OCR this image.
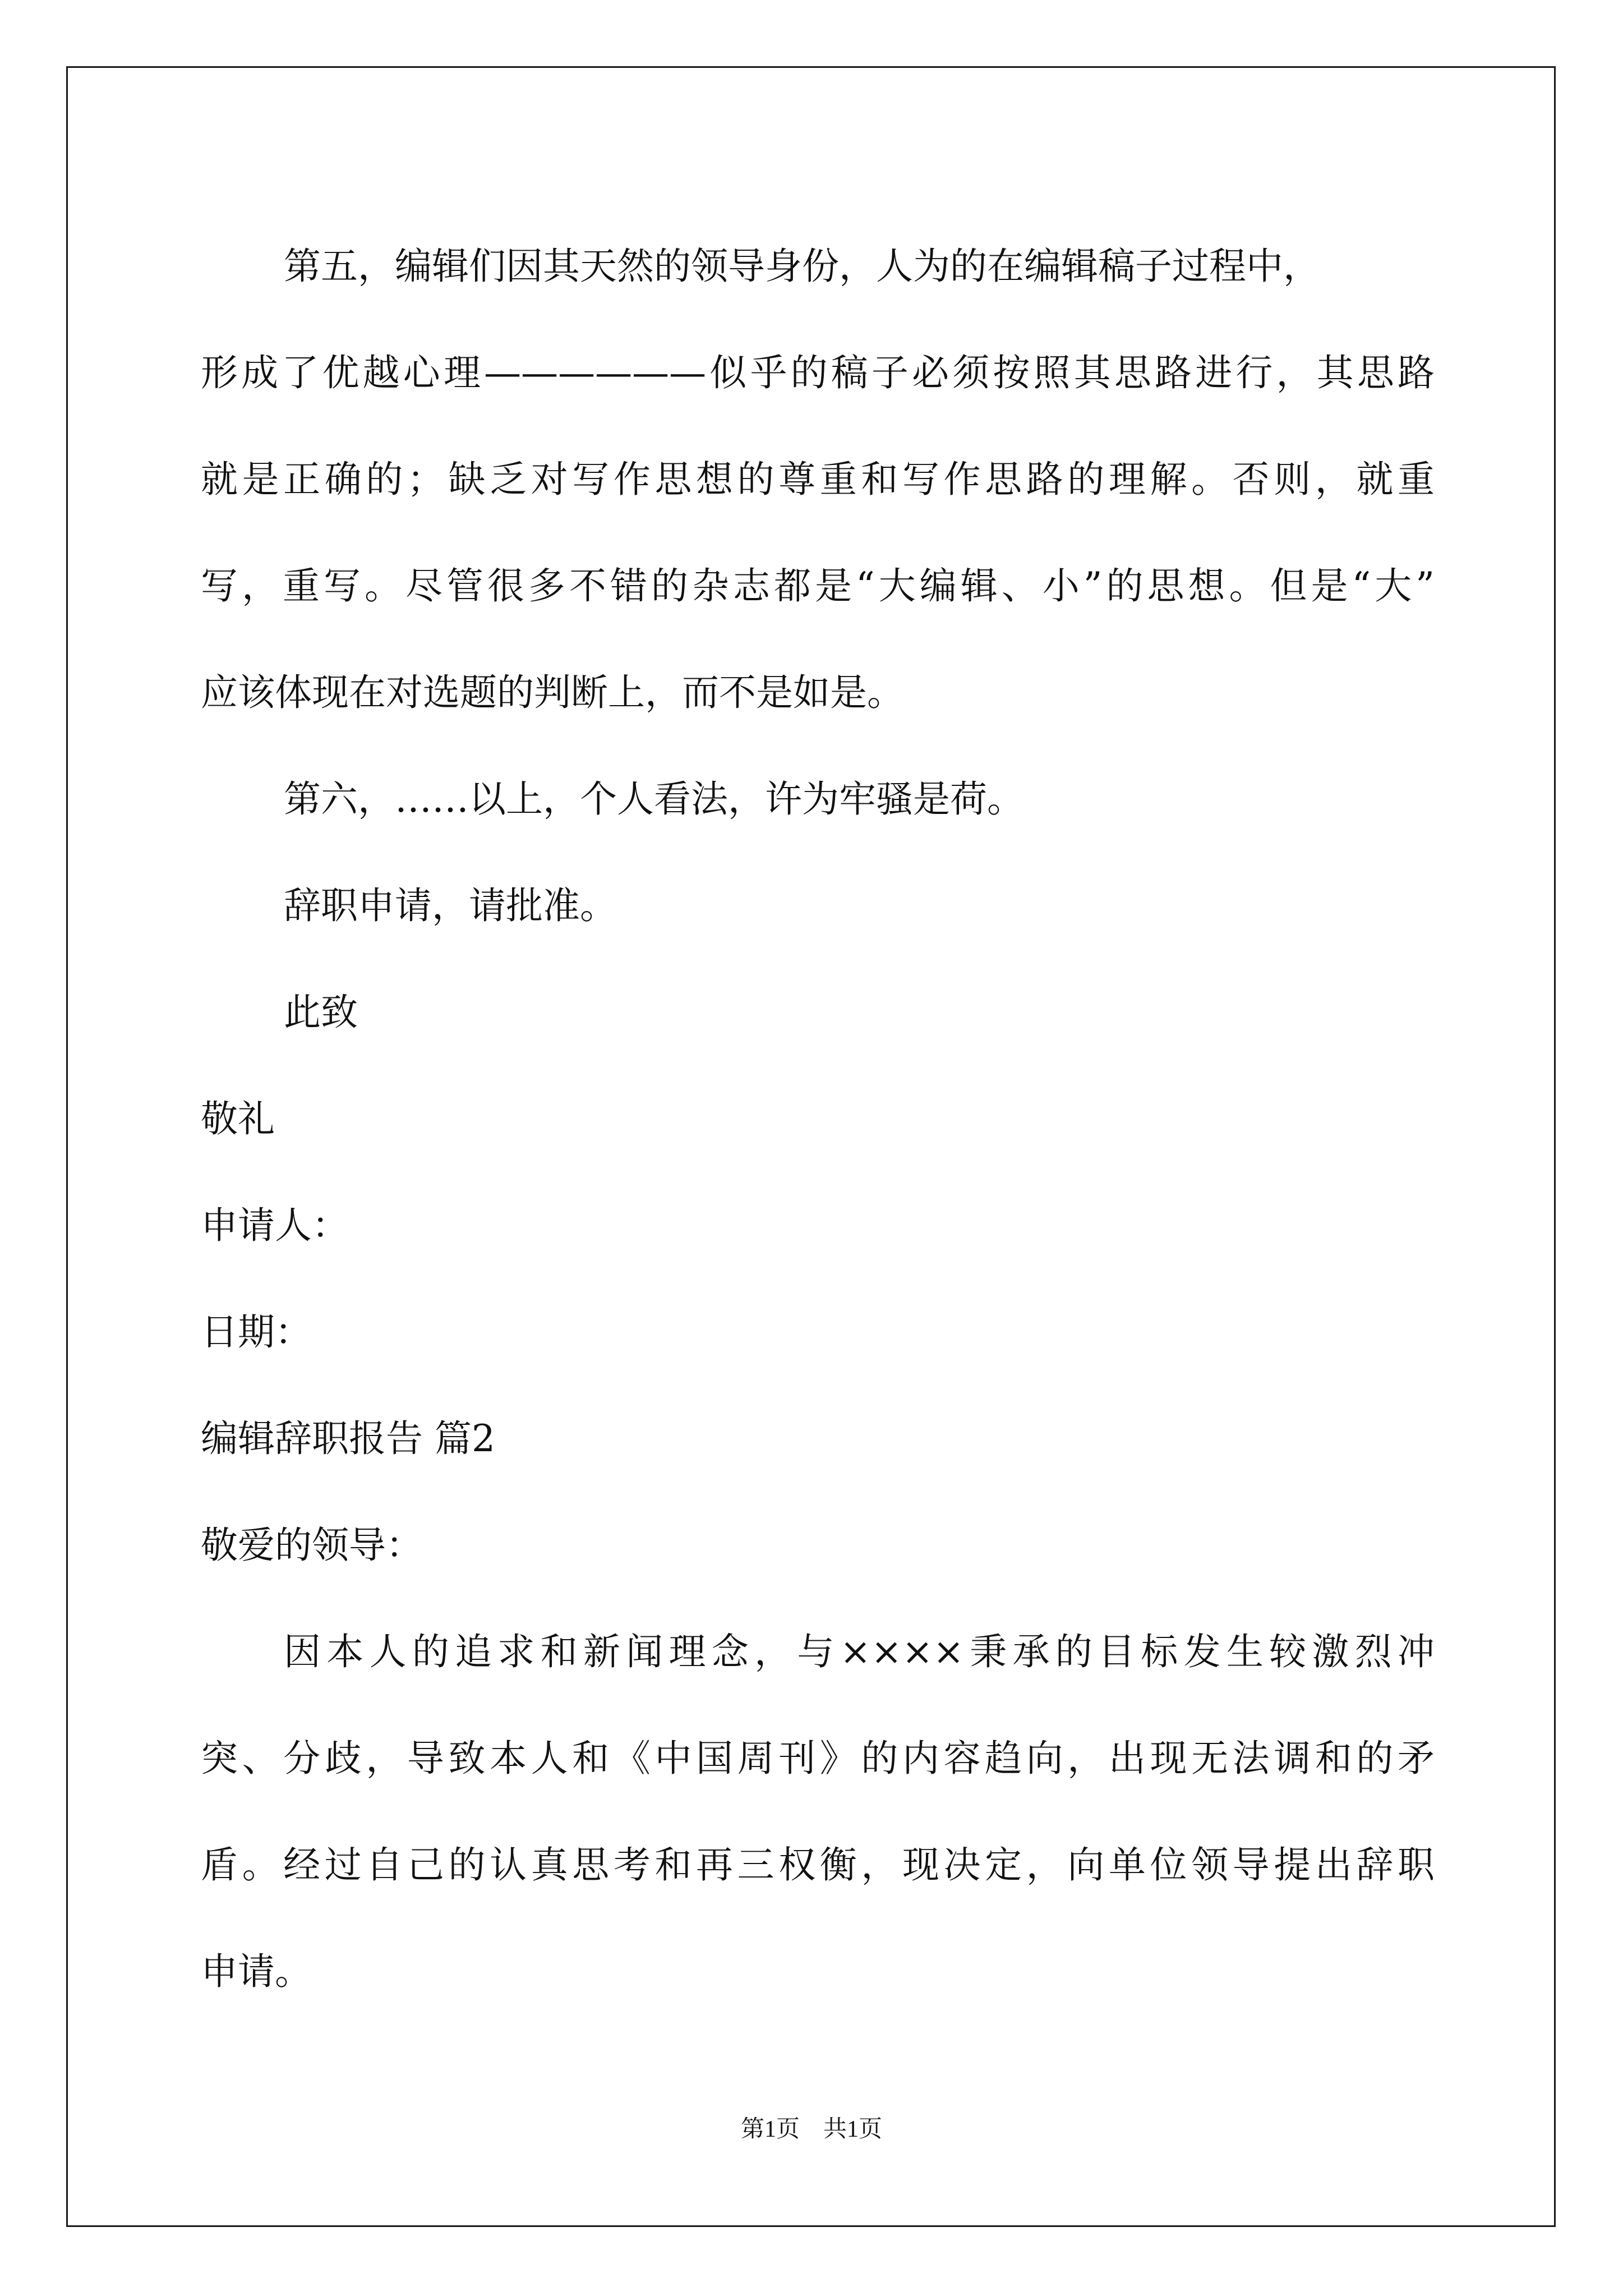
第五，编辑们因其天然的领导身份，人为的在编辑稿子过程中，
形成了优越心理——————似乎的稿子必须按照其思路进行，其思路
就是正确的；缺乏对写作思想的尊重和写作思路的理解。否则，就重
写，重写。尽管很多不错的杂志都是“大编辑、小”的思想。但是“大”
应该体现在对选题的判断上，而不是如是。

第六，……以上，个人看法，许为牢骚是荷。

辞职申请，请批准。

此致

敬礼

申请人：

日期：

编辑辞职报告 篇2

敬爱的领导：

因本人的追求和新闻理念，与××××秉承的目标发生较激烈冲
突、分歧，导致本人和《中国周刊》的内容趋向，出现无法调和的矛
盾。经过自己的认真思考和再三权衡，现决定，向单位领导提出辞职
申请。

第1页　共1页
